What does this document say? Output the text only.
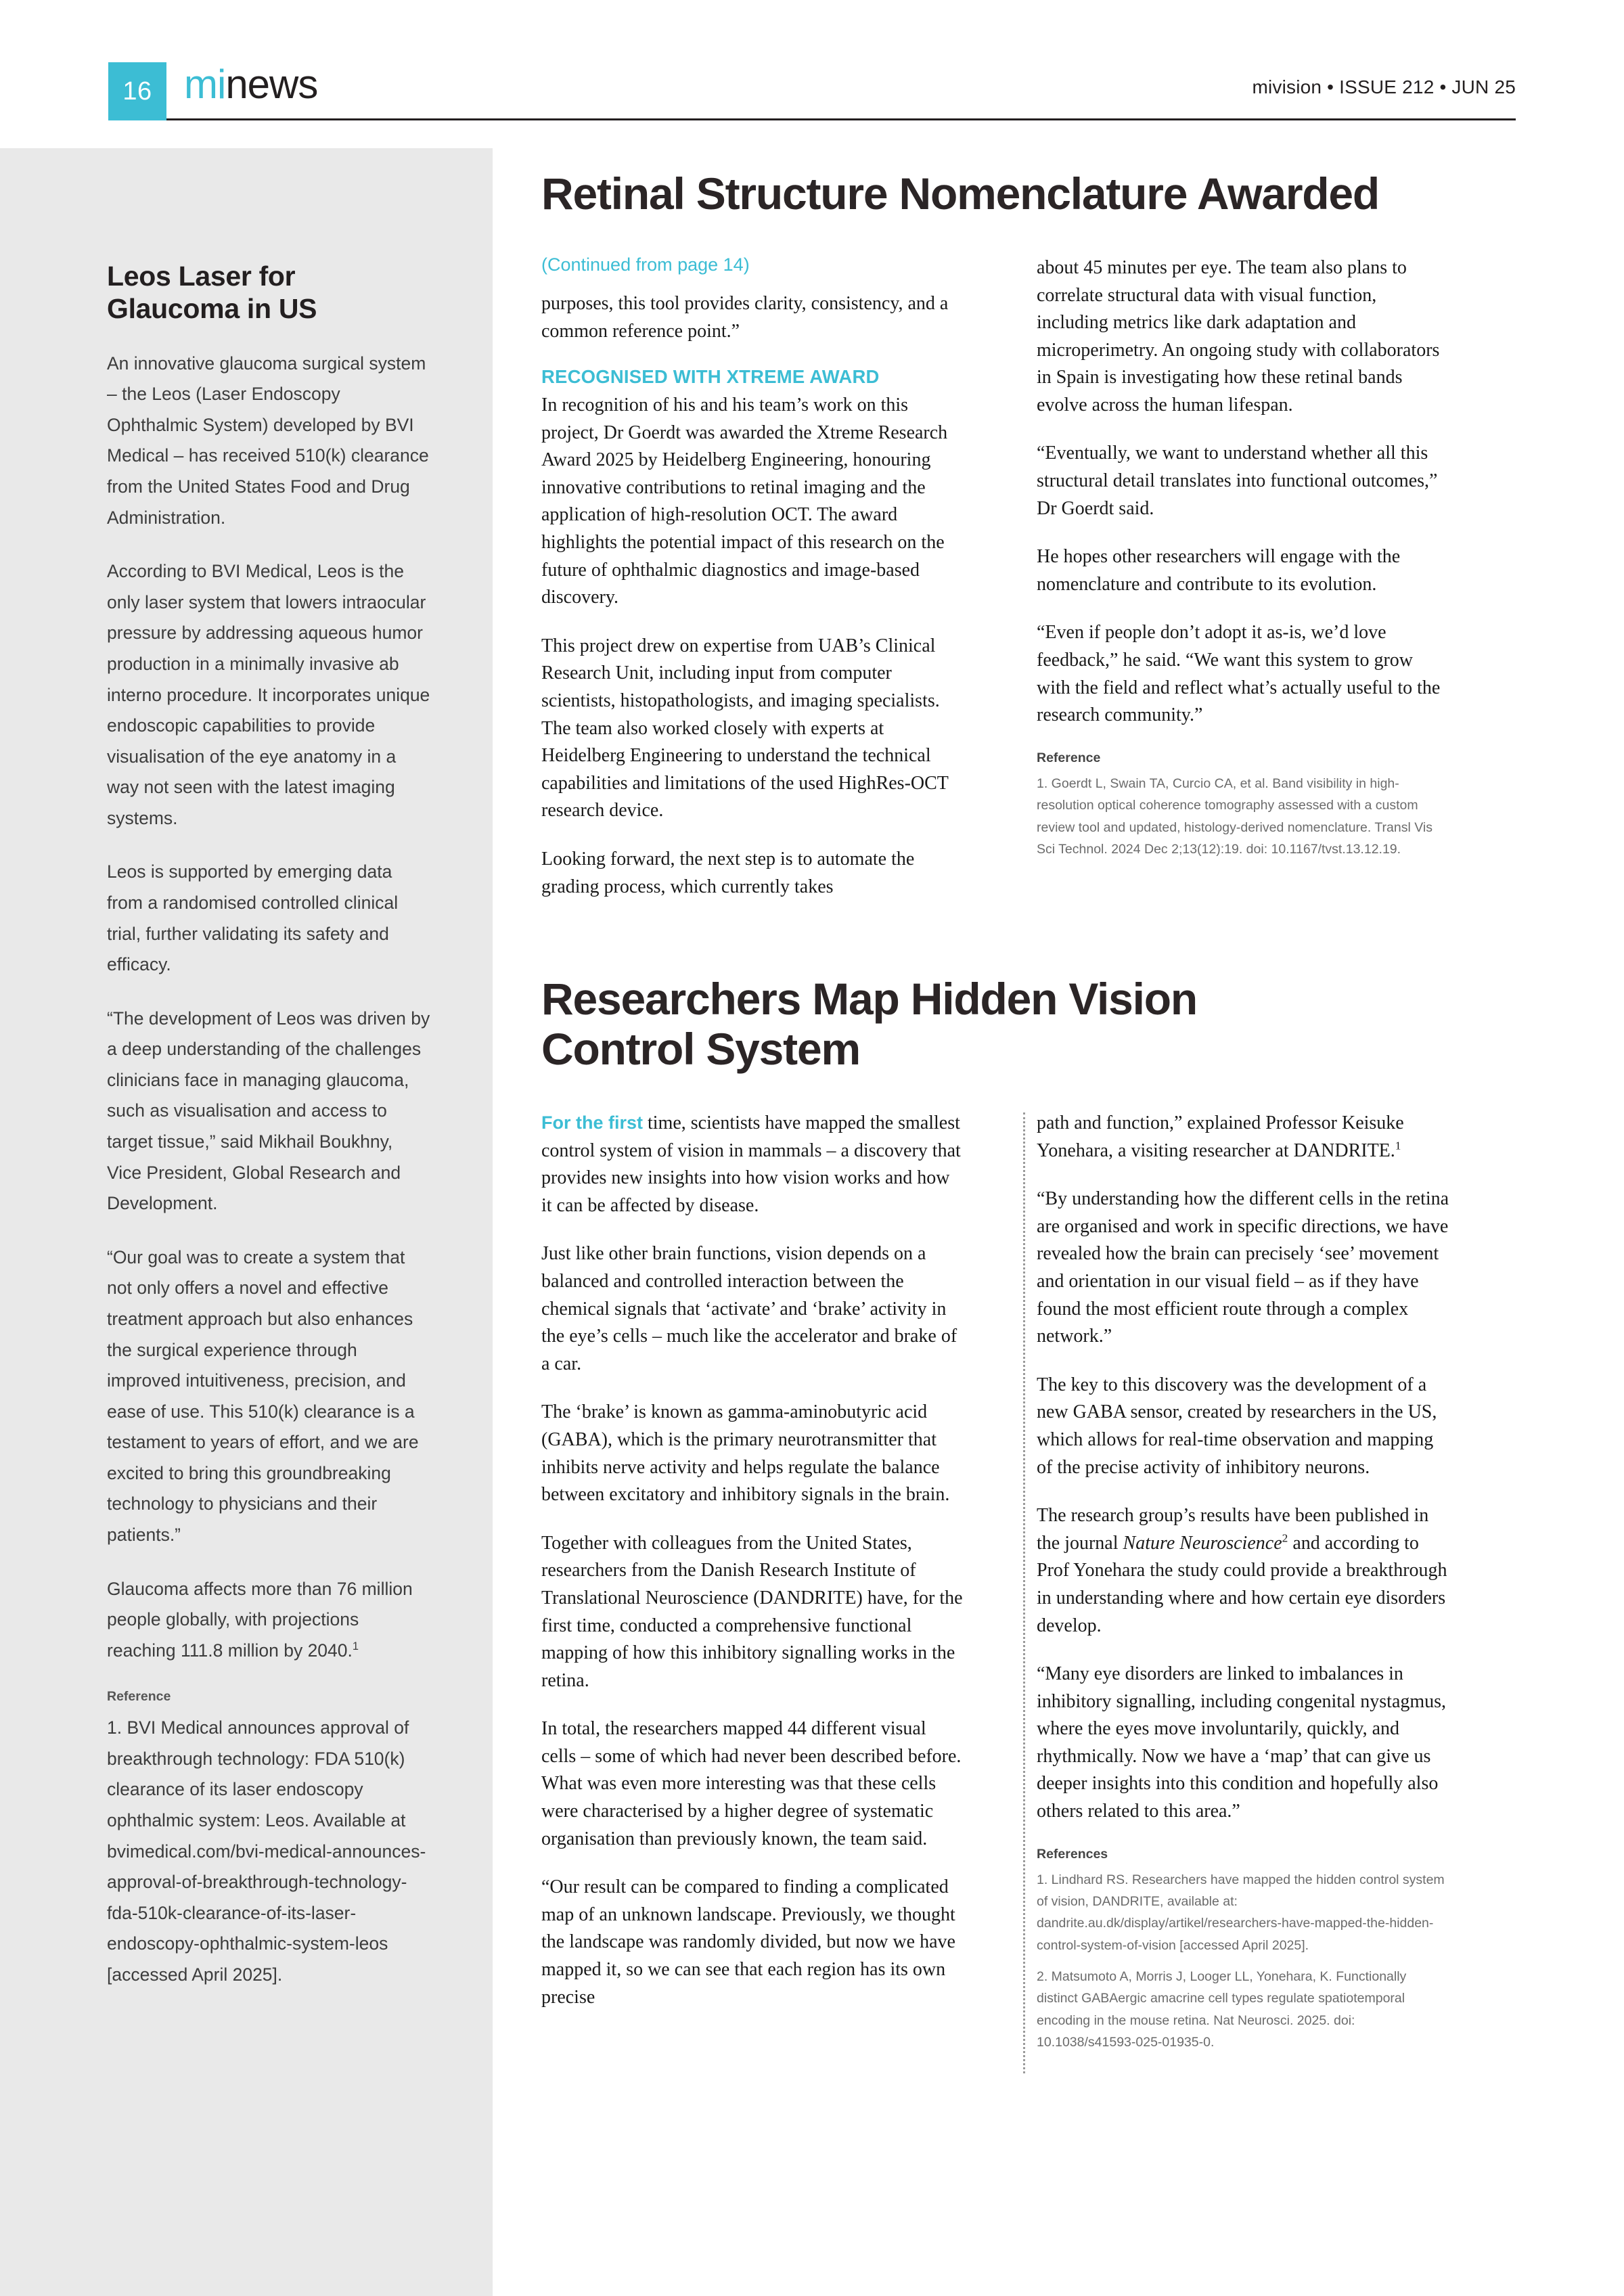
16 minews	mivision • ISSUE 212 • JUN 25
Leos Laser for Glaucoma in US

An innovative glaucoma surgical system – the Leos (Laser Endoscopy Ophthalmic System) developed by BVI Medical – has received 510(k) clearance from the United States Food and Drug Administration.

According to BVI Medical, Leos is the only laser system that lowers intraocular pressure by addressing aqueous humor production in a minimally invasive ab interno procedure. It incorporates unique endoscopic capabilities to provide visualisation of the eye anatomy in a way not seen with the latest imaging systems.

Leos is supported by emerging data from a randomised controlled clinical trial, further validating its safety and efficacy.

“The development of Leos was driven by a deep understanding of the challenges clinicians face in managing glaucoma, such as visualisation and access to target tissue,” said Mikhail Boukhny, Vice President, Global Research and Development.

“Our goal was to create a system that not only offers a novel and effective treatment approach but also enhances the surgical experience through improved intuitiveness, precision, and ease of use. This 510(k) clearance is a testament to years of effort, and we are excited to bring this groundbreaking technology to physicians and their patients.”

Glaucoma affects more than 76 million people globally, with projections reaching 111.8 million by 2040.$^1$

Reference

1. BVI Medical announces approval of breakthrough technology: FDA 510(k) clearance of its laser endoscopy ophthalmic system: Leos. Available at bvimedical.com/bvi-medical-announces-approval-of-breakthrough-technology-fda-510k-clearance-of-its-laser-endoscopy-ophthalmic-system-leos [accessed April 2025].

Retinal Structure Nomenclature Awarded

(Continued from page 14)

purposes, this tool provides clarity, consistency, and a common reference point.”

RECOGNISED WITH XTREME AWARD

In recognition of his and his team’s work on this project, Dr Goerdt was awarded the Xtreme Research Award 2025 by Heidelberg Engineering, honouring innovative contributions to retinal imaging and the application of high-resolution OCT. The award highlights the potential impact of this research on the future of ophthalmic diagnostics and image-based discovery.

This project drew on expertise from UAB’s Clinical Research Unit, including input from computer scientists, histopathologists, and imaging specialists. The team also worked closely with experts at Heidelberg Engineering to understand the technical capabilities and limitations of the used HighRes-OCT research device.

Looking forward, the next step is to automate the grading process, which currently takes

about 45 minutes per eye. The team also plans to correlate structural data with visual function, including metrics like dark adaptation and microperimetry. An ongoing study with collaborators in Spain is investigating how these retinal bands evolve across the human lifespan.

“Eventually, we want to understand whether all this structural detail translates into functional outcomes,” Dr Goerdt said.

He hopes other researchers will engage with the nomenclature and contribute to its evolution.

“Even if people don’t adopt it as-is, we’d love feedback,” he said. “We want this system to grow with the field and reflect what’s actually useful to the research community.”

Reference

1. Goerdt L, Swain TA, Curcio CA, et al. Band visibility in high-resolution optical coherence tomography assessed with a custom review tool and updated, histology-derived nomenclature. Transl Vis Sci Technol. 2024 Dec 2;13(12):19. doi: 10.1167/tvst.13.12.19.

Researchers Map Hidden Vision Control System

For the first time, scientists have mapped the smallest control system of vision in mammals – a discovery that provides new insights into how vision works and how it can be affected by disease.

Just like other brain functions, vision depends on a balanced and controlled interaction between the chemical signals that ‘activate’ and ‘brake’ activity in the eye’s cells – much like the accelerator and brake of a car.

The ‘brake’ is known as gamma-aminobutyric acid (GABA), which is the primary neurotransmitter that inhibits nerve activity and helps regulate the balance between excitatory and inhibitory signals in the brain.

Together with colleagues from the United States, researchers from the Danish Research Institute of Translational Neuroscience (DANDRITE) have, for the first time, conducted a comprehensive functional mapping of how this inhibitory signalling works in the retina.

In total, the researchers mapped 44 different visual cells – some of which had never been described before. What was even more interesting was that these cells were characterised by a higher degree of systematic organisation than previously known, the team said.

“Our result can be compared to finding a complicated map of an unknown landscape. Previously, we thought the landscape was randomly divided, but now we have mapped it, so we can see that each region has its own precise

path and function,” explained Professor Keisuke Yonehara, a visiting researcher at DANDRITE.$^1$

“By understanding how the different cells in the retina are organised and work in specific directions, we have revealed how the brain can precisely ‘see’ movement and orientation in our visual field – as if they have found the most efficient route through a complex network.”

The key to this discovery was the development of a new GABA sensor, created by researchers in the US, which allows for real-time observation and mapping of the precise activity of inhibitory neurons.

The research group’s results have been published in the journal Nature Neuroscience$^2$ and according to Prof Yonehara the study could provide a breakthrough in understanding where and how certain eye disorders develop.

“Many eye disorders are linked to imbalances in inhibitory signalling, including congenital nystagmus, where the eyes move involuntarily, quickly, and rhythmically. Now we have a ‘map’ that can give us deeper insights into this condition and hopefully also others related to this area.”

References

1. Lindhard RS. Researchers have mapped the hidden control system of vision, DANDRITE, available at: dandrite.au.dk/display/artikel/researchers-have-mapped-the-hidden-control-system-of-vision [accessed April 2025].

2. Matsumoto A, Morris J, Looger LL, Yonehara, K. Functionally distinct GABAergic amacrine cell types regulate spatiotemporal encoding in the mouse retina. Nat Neurosci. 2025. doi: 10.1038/s41593-025-01935-0.
